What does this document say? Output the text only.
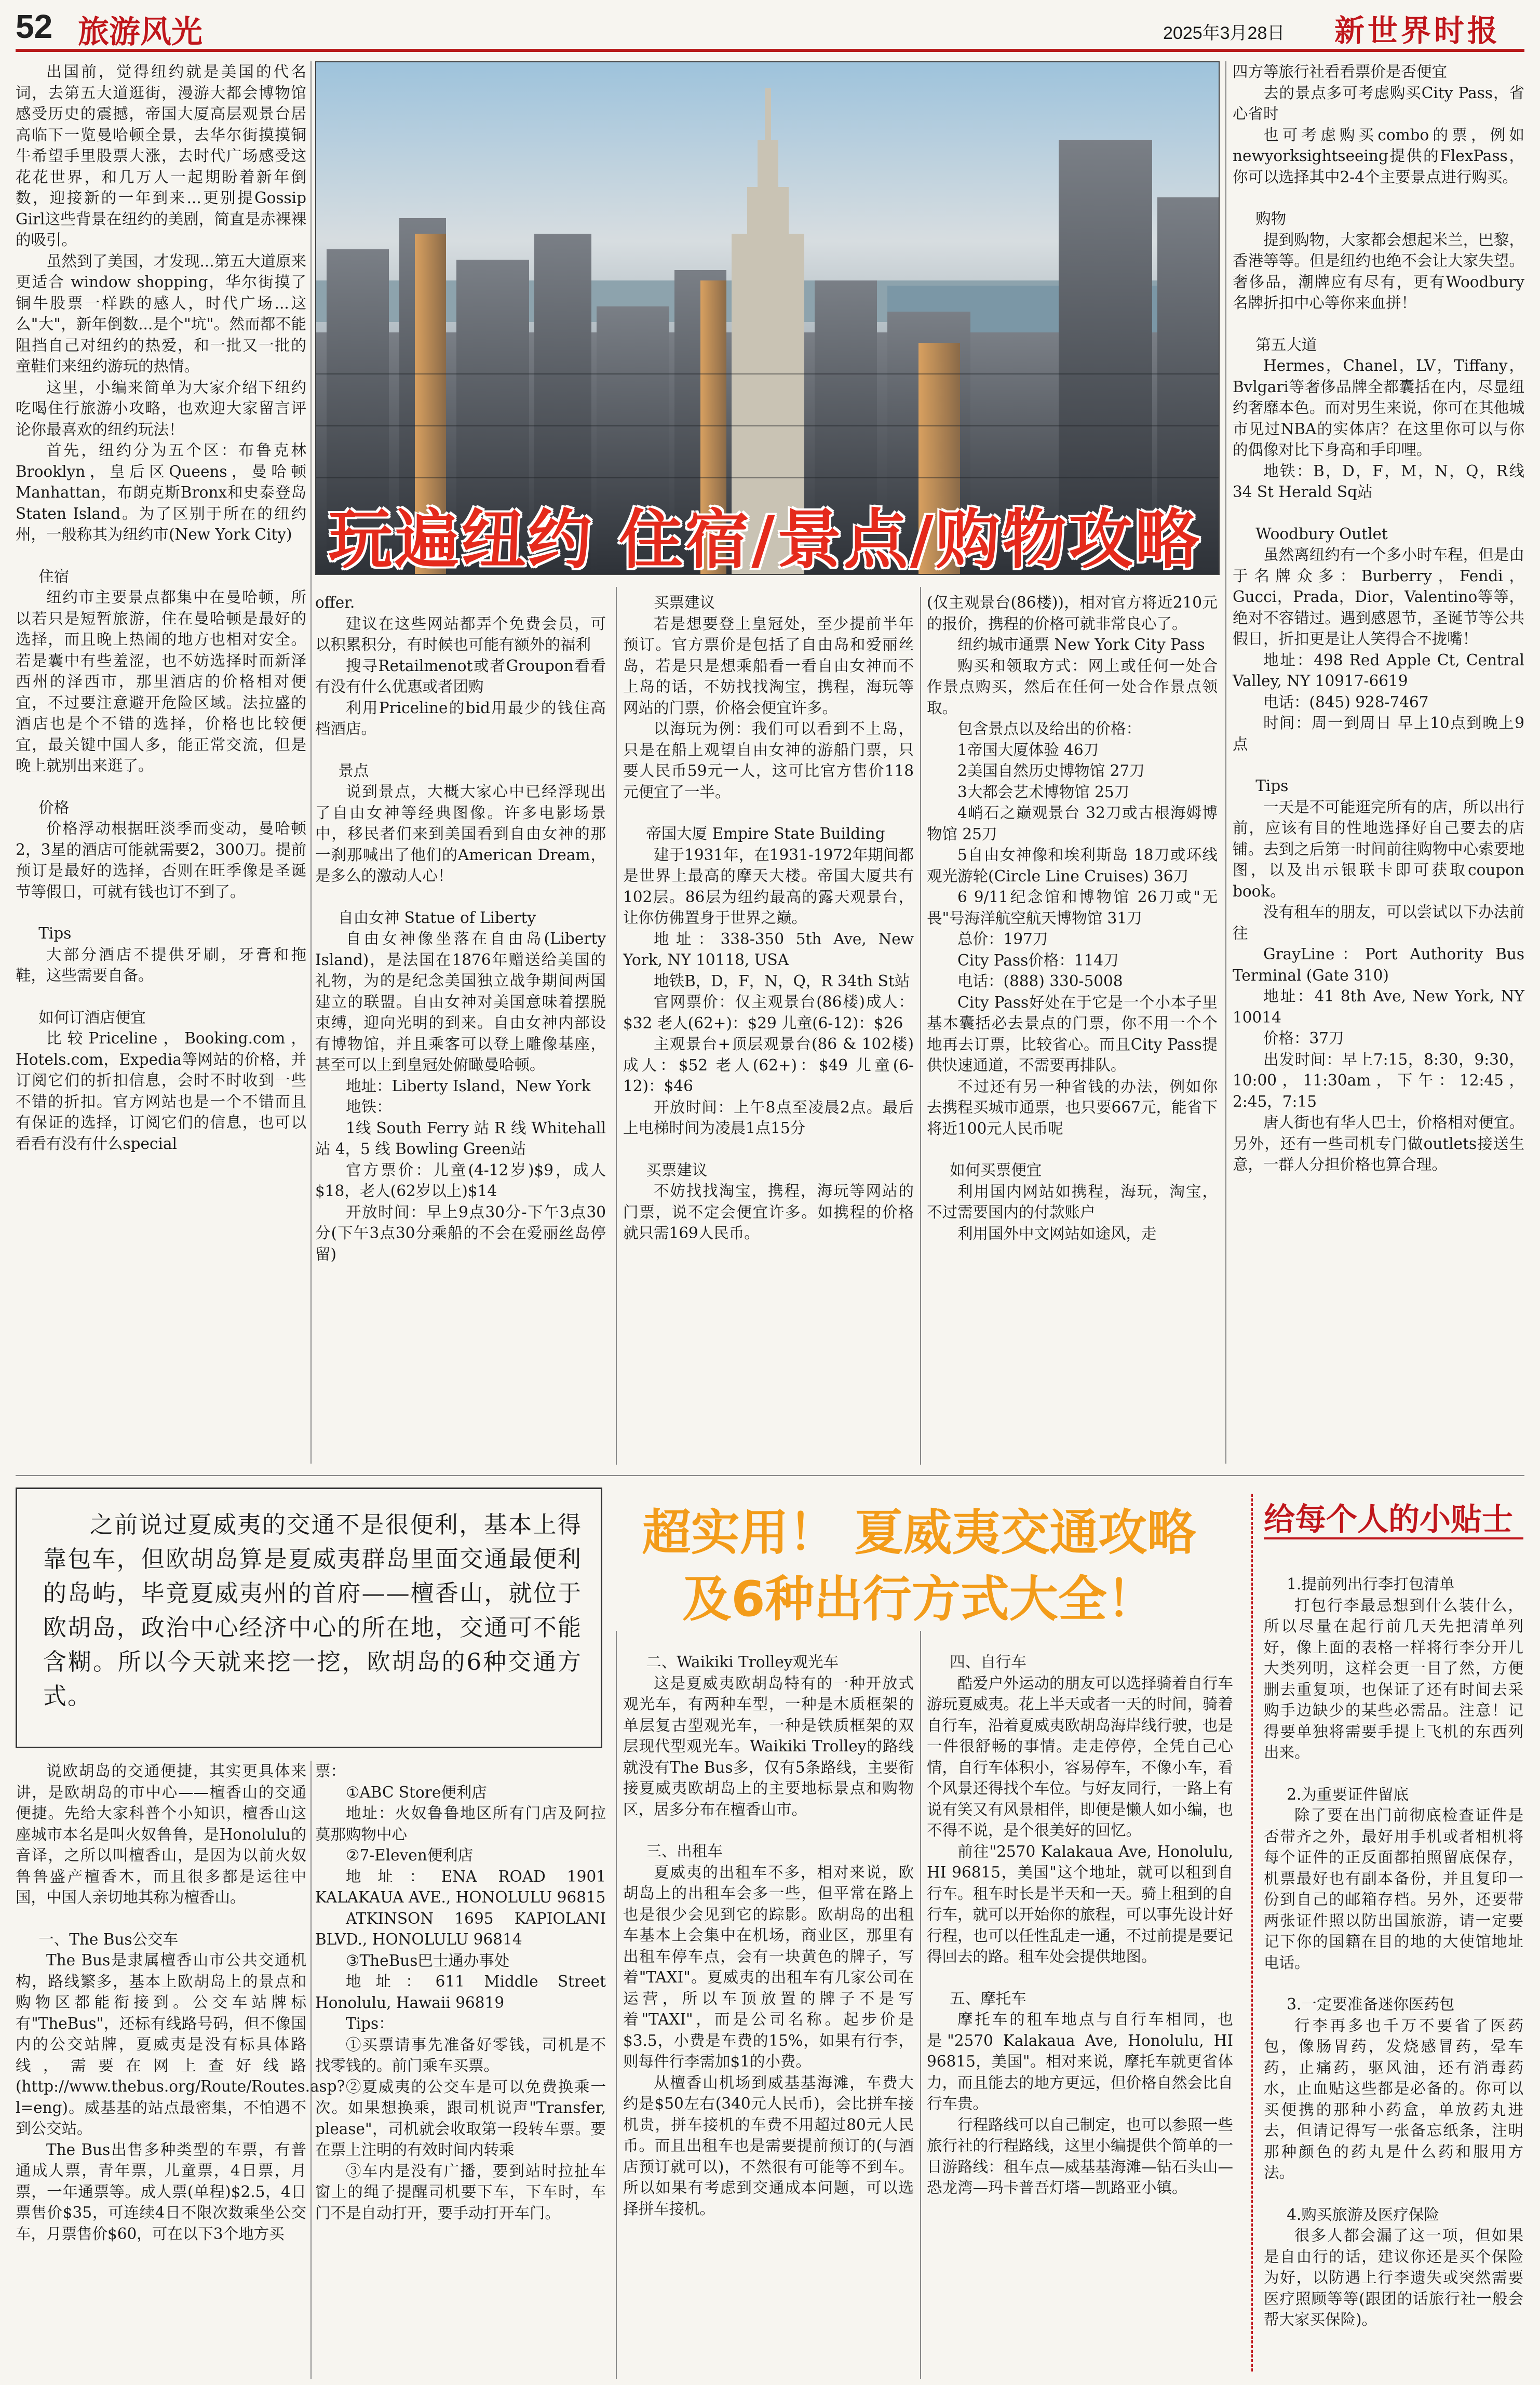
52 旅游风光	2025年3月28日 新世界时报

出国前，觉得纽约就是美国的代名词，去第五大道逛街，漫游大都会博物馆感受历史的震撼，帝国大厦高层观景台居高临下一览曼哈顿全景，去华尔街摸摸铜牛希望手里股票大涨，去时代广场感受这花花世界，和几万人一起期盼着新年倒数，迎接新的一年到来...更别提Gossip Girl这些背景在纽约的美剧，简直是赤裸裸的吸引。

虽然到了美国，才发现...第五大道原来更适合 window shopping，华尔街摸了铜牛股票一样跌的感人，时代广场...这么"大"，新年倒数...是个"坑"。然而都不能阻挡自己对纽约的热爱，和一批又一批的童鞋们来纽约游玩的热情。

这里，小编来简单为大家介绍下纽约吃喝住行旅游小攻略，也欢迎大家留言评论你最喜欢的纽约玩法！

首先，纽约分为五个区：布鲁克林Brooklyn，皇后区Queens，曼哈顿Manhattan，布朗克斯Bronx和史泰登岛Staten Island。为了区别于所在的纽约州，一般称其为纽约市(New York City)

住宿

纽约市主要景点都集中在曼哈顿，所以若只是短暂旅游，住在曼哈顿是最好的选择，而且晚上热闹的地方也相对安全。若是囊中有些羞涩，也不妨选择时而新泽西州的泽西市，那里酒店的价格相对便宜，不过要注意避开危险区域。法拉盛的酒店也是个不错的选择，价格也比较便宜，最关键中国人多，能正常交流，但是晚上就别出来逛了。

价格

价格浮动根据旺淡季而变动，曼哈顿2，3星的酒店可能就需要2，300刀。提前预订是最好的选择，否则在旺季像是圣诞节等假日，可就有钱也订不到了。

Tips

大部分酒店不提供牙刷，牙膏和拖鞋，这些需要自备。

如何订酒店便宜

比较Priceline，Booking.com，Hotels.com，Expedia等网站的价格，并订阅它们的折扣信息，会时不时收到一些不错的折扣。官方网站也是一个不错而且有保证的选择，订阅它们的信息，也可以看看有没有什么special

玩遍纽约 住宿/景点/购物攻略

offer.

建议在这些网站都弄个免费会员，可以积累积分，有时候也可能有额外的福利

搜寻Retailmenot或者Groupon看看有没有什么优惠或者团购

利用Priceline的bid用最少的钱住高档酒店。

景点

说到景点，大概大家心中已经浮现出了自由女神等经典图像。许多电影场景中，移民者们来到美国看到自由女神的那一刹那喊出了他们的American Dream，是多么的激动人心！

自由女神 Statue of Liberty

自由女神像坐落在自由岛(Liberty Island)，是法国在1876年赠送给美国的礼物，为的是纪念美国独立战争期间两国建立的联盟。自由女神对美国意味着摆脱束缚，迎向光明的到来。自由女神内部设有博物馆，并且乘客可以登上雕像基座，甚至可以上到皇冠处俯瞰曼哈顿。

地址：Liberty Island，New York

地铁：

1线 South Ferry 站 R 线 Whitehall 站 4，5 线 Bowling Green站

官方票价：儿童(4-12岁)$9，成人$18，老人(62岁以上)$14

开放时间：早上9点30分-下午3点30分(下午3点30分乘船的不会在爱丽丝岛停留)

买票建议

若是想要登上皇冠处，至少提前半年预订。官方票价是包括了自由岛和爱丽丝岛，若是只是想乘船看一看自由女神而不上岛的话，不妨找找淘宝，携程，海玩等网站的门票，价格会便宜许多。

以海玩为例：我们可以看到不上岛，只是在船上观望自由女神的游船门票，只要人民币59元一人，这可比官方售价118元便宜了一半。

帝国大厦 Empire State Building

建于1931年，在1931-1972年期间都是世界上最高的摩天大楼。帝国大厦共有102层。86层为纽约最高的露天观景台，让你仿佛置身于世界之巅。

地址：338-350 5th Ave, New York, NY 10118, USA

地铁B，D，F，N，Q，R 34th St站

官网票价：仅主观景台(86楼)成人：$32 老人(62+)：$29 儿童(6-12)：$26

主观景台+顶层观景台(86 & 102楼)成人：$52 老人(62+)：$49 儿童(6-12)：$46

开放时间：上午8点至凌晨2点。最后上电梯时间为凌晨1点15分

买票建议

不妨找找淘宝，携程，海玩等网站的门票，说不定会便宜许多。如携程的价格就只需169人民币。

(仅主观景台(86楼))，相对官方将近210元的报价，携程的价格可就非常良心了。

纽约城市通票 New York City Pass

购买和领取方式：网上或任何一处合作景点购买，然后在任何一处合作景点领取。

包含景点以及给出的价格：

1帝国大厦体验 46刀

2美国自然历史博物馆 27刀

3大都会艺术博物馆 25刀

4峭石之巅观景台 32刀或古根海姆博物馆 25刀

5自由女神像和埃利斯岛 18刀或环线观光游轮(Circle Line Cruises) 36刀

6 9/11纪念馆和博物馆 26刀或"无畏"号海洋航空航天博物馆 31刀

总价：197刀

City Pass价格：114刀

电话：(888) 330-5008

City Pass好处在于它是一个小本子里基本囊括必去景点的门票，你不用一个个地再去订票，比较省心。而且City Pass提供快速通道，不需要再排队。

不过还有另一种省钱的办法，例如你去携程买城市通票，也只要667元，能省下将近100元人民币呢

如何买票便宜

利用国内网站如携程，海玩，淘宝，不过需要国内的付款账户

利用国外中文网站如途风，走

四方等旅行社看看票价是否便宜

去的景点多可考虑购买City Pass，省心省时

也可考虑购买combo的票，例如newyorksightseeing提供的FlexPass，你可以选择其中2-4个主要景点进行购买。

购物

提到购物，大家都会想起米兰，巴黎，香港等等。但是纽约也绝不会让大家失望。奢侈品，潮牌应有尽有，更有Woodbury名牌折扣中心等你来血拼！

第五大道

Hermes，Chanel，LV，Tiffany，Bvlgari等奢侈品牌全都囊括在内，尽显纽约奢靡本色。而对男生来说，你可在其他城市见过NBA的实体店？在这里你可以与你的偶像对比下身高和手印哩。

地铁：B，D，F，M，N，Q，R线 34 St Herald Sq站

Woodbury Outlet

虽然离纽约有一个多小时车程，但是由于名牌众多：Burberry，Fendi，Gucci，Prada，Dior，Valentino等等，绝对不容错过。遇到感恩节，圣诞节等公共假日，折扣更是让人笑得合不拢嘴！

地址：498 Red Apple Ct, Central Valley, NY 10917-6619

电话：(845) 928-7467

时间：周一到周日 早上10点到晚上9点

Tips

一天是不可能逛完所有的店，所以出行前，应该有目的性地选择好自己要去的店铺。去到之后第一时间前往购物中心索要地图，以及出示银联卡即可获取coupon book。

没有租车的朋友，可以尝试以下办法前往

GrayLine：Port Authority Bus Terminal (Gate 310)

地址：41 8th Ave, New York, NY 10014

价格：37刀

出发时间：早上7:15，8:30，9:30，10:00，11:30am，下午：12:45，2:45，7:15

唐人街也有华人巴士，价格相对便宜。另外，还有一些司机专门做outlets接送生意，一群人分担价格也算合理。

之前说过夏威夷的交通不是很便利，基本上得靠包车，但欧胡岛算是夏威夷群岛里面交通最便利的岛屿，毕竟夏威夷州的首府——檀香山，就位于欧胡岛，政治中心经济中心的所在地，交通可不能含糊。所以今天就来挖一挖，欧胡岛的6种交通方式。

超实用！ 夏威夷交通攻略
及6种出行方式大全！

说欧胡岛的交通便捷，其实更具体来讲，是欧胡岛的市中心——檀香山的交通便捷。先给大家科普个小知识，檀香山这座城市本名是叫火奴鲁鲁，是Honolulu的音译，之所以叫檀香山，是因为以前火奴鲁鲁盛产檀香木，而且很多都是运往中国，中国人亲切地其称为檀香山。

一、The Bus公交车

The Bus是隶属檀香山市公共交通机构，路线繁多，基本上欧胡岛上的景点和购物区都能衔接到。公交车站牌标有"TheBus"，还标有线路号码，但不像国内的公交站牌，夏威夷是没有标具体路线，需要在网上查好线路(http://www.thebus.org/Route/Routes.asp?l=eng)。威基基的站点最密集，不怕遇不到公交站。

The Bus出售多种类型的车票，有普通成人票，青年票，儿童票，4日票，月票，一年通票等。成人票(单程)$2.5，4日票售价$35，可连续4日不限次数乘坐公交车，月票售价$60，可在以下3个地方买

票：

①ABC Store便利店

地址：火奴鲁鲁地区所有门店及阿拉莫那购物中心

②7-Eleven便利店

地址：ENA ROAD 1901 KALAKAUA AVE., HONOLULU 96815

ATKINSON 1695 KAPIOLANI BLVD., HONOLULU 96814

③TheBus巴士通办事处

地址：611 Middle Street Honolulu, Hawaii 96819

Tips：

①买票请事先准备好零钱，司机是不找零钱的。前门乘车买票。

②夏威夷的公交车是可以免费换乘一次。如果想换乘，跟司机说声"Transfer, please"，司机就会收取第一段转车票。要在票上注明的有效时间内转乘

③车内是没有广播，要到站时拉扯车窗上的绳子提醒司机要下车，下车时，车门不是自动打开，要手动打开车门。

二、Waikiki Trolley观光车

这是夏威夷欧胡岛特有的一种开放式观光车，有两种车型，一种是木质框架的单层复古型观光车，一种是铁质框架的双层现代型观光车。Waikiki Trolley的路线就没有The Bus多，仅有5条路线，主要衔接夏威夷欧胡岛上的主要地标景点和购物区，居多分布在檀香山市。

三、出租车

夏威夷的出租车不多，相对来说，欧胡岛上的出租车会多一些，但平常在路上也是很少会见到它的踪影。欧胡岛的出租车基本上会集中在机场，商业区，那里有出租车停车点，会有一块黄色的牌子，写着"TAXI"。夏威夷的出租车有几家公司在运营，所以车顶放置的牌子不是写着"TAXI"，而是公司名称。起步价是$3.5，小费是车费的15%，如果有行李，则每件行李需加$1的小费。

从檀香山机场到威基基海滩，车费大约是$50左右(340元人民币)，会比拼车接机贵，拼车接机的车费不用超过80元人民币。而且出租车也是需要提前预订的(与酒店预订就可以)，不然很有可能等不到车。所以如果有考虑到交通成本问题，可以选择拼车接机。

四、自行车

酷爱户外运动的朋友可以选择骑着自行车游玩夏威夷。花上半天或者一天的时间，骑着自行车，沿着夏威夷欧胡岛海岸线行驶，也是一件很舒畅的事情。走走停停，全凭自己心情，自行车体积小，容易停车，不像小车，看个风景还得找个车位。与好友同行，一路上有说有笑又有风景相伴，即便是懒人如小编，也不得不说，是个很美好的回忆。

前往"2570 Kalakaua Ave, Honolulu, HI 96815，美国"这个地址，就可以租到自行车。租车时长是半天和一天。骑上租到的自行车，就可以开始你的旅程，可以事先设计好行程，也可以任性乱走一通，不过前提是要记得回去的路。租车处会提供地图。

五、摩托车

摩托车的租车地点与自行车相同，也是"2570 Kalakaua Ave, Honolulu, HI 96815，美国"。相对来说，摩托车就更省体力，而且能去的地方更远，但价格自然会比自行车贵。

行程路线可以自己制定，也可以参照一些旅行社的行程路线，这里小编提供个简单的一日游路线：租车点—威基基海滩—钻石头山—恐龙湾—玛卡普吾灯塔—凯路亚小镇。

给每个人的小贴士

1.提前列出行李打包清单

打包行李最忌想到什么装什么，所以尽量在起行前几天先把清单列好，像上面的表格一样将行李分开几大类列明，这样会更一目了然，方便删去重复项，也保证了还有时间去采购手边缺少的某些必需品。注意！记得要单独将需要手提上飞机的东西列出来。

2.为重要证件留底

除了要在出门前彻底检查证件是否带齐之外，最好用手机或者相机将每个证件的正反面都拍照留底保存，机票最好也有副本备份，并且复印一份到自己的邮箱存档。另外，还要带两张证件照以防出国旅游，请一定要记下你的国籍在目的地的大使馆地址电话。

3.一定要准备迷你医药包

行李再多也千万不要省了医药包，像肠胃药，发烧感冒药，晕车药，止痛药，驱风油，还有消毒药水，止血贴这些都是必备的。你可以买便携的那种小药盒，单放药丸进去，但请记得写一张备忘纸条，注明那种颜色的药丸是什么药和服用方法。

4.购买旅游及医疗保险

很多人都会漏了这一项，但如果是自由行的话，建议你还是买个保险为好，以防遇上行李遗失或突然需要医疗照顾等等(跟团的话旅行社一般会帮大家买保险)。
